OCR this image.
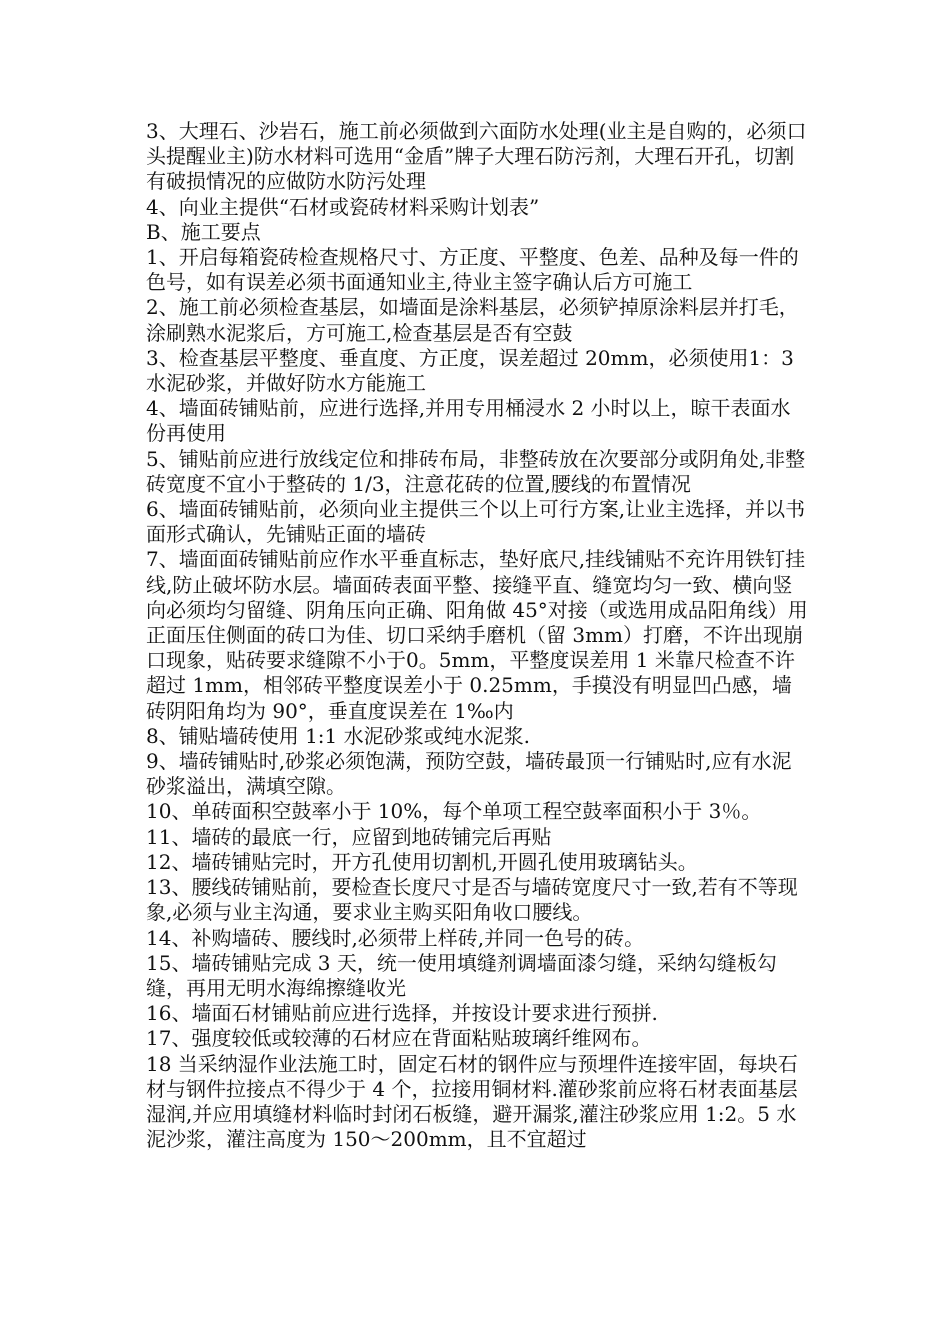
3、大理石、沙岩石，施工前必须做到六面防水处理(业主是自购的，必须口头提醒业主)防水材料可选用“金盾”牌子大理石防污剂，大理石开孔，切割有破损情况的应做防水防污处理

4、向业主提供“石材或瓷砖材料采购计划表”

B、施工要点

1、开启每箱瓷砖检查规格尺寸、方正度、平整度、色差、品种及每一件的色号，如有误差必须书面通知业主,待业主签字确认后方可施工

2、施工前必须检查基层，如墙面是涂料基层，必须铲掉原涂料层并打毛，涂刷熟水泥浆后，方可施工,检查基层是否有空鼓

3、检查基层平整度、垂直度、方正度，误差超过 20mm，必须使用1：3 水泥砂浆，并做好防水方能施工

4、墙面砖铺贴前，应进行选择,并用专用桶浸水 2 小时以上，晾干表面水份再使用

5、铺贴前应进行放线定位和排砖布局，非整砖放在次要部分或阴角处,非整砖宽度不宜小于整砖的 1/3，注意花砖的位置,腰线的布置情况

6、墙面砖铺贴前，必须向业主提供三个以上可行方案,让业主选择，并以书面形式确认，先铺贴正面的墙砖

7、墙面面砖铺贴前应作水平垂直标志，垫好底尺,挂线铺贴不充许用铁钉挂线,防止破坏防水层。墙面砖表面平整、接缝平直、缝宽均匀一致、横向竖向必须均匀留缝、阴角压向正确、阳角做 45°对接（或选用成品阳角线）用正面压住侧面的砖口为佳、切口采纳手磨机（留 3mm）打磨，不许出现崩口现象，贴砖要求缝隙不小于0。5mm，平整度误差用 1 米靠尺检查不许超过 1mm，相邻砖平整度误差小于 0.25mm，手摸没有明显凹凸感，墙砖阴阳角均为 90°，垂直度误差在 1‰内

8、铺贴墙砖使用 1:1 水泥砂浆或纯水泥浆.

9、墙砖铺贴时,砂浆必须饱满，预防空鼓，墙砖最顶一行铺贴时,应有水泥砂浆溢出，满填空隙。

10、单砖面积空鼓率小于 10%，每个单项工程空鼓率面积小于 3％。

11、墙砖的最底一行，应留到地砖铺完后再贴

12、墙砖铺贴完时，开方孔使用切割机,开圆孔使用玻璃钻头。

13、腰线砖铺贴前，要检查长度尺寸是否与墙砖宽度尺寸一致,若有不等现象,必须与业主沟通，要求业主购买阳角收口腰线。

14、补购墙砖、腰线时,必须带上样砖,并同一色号的砖。

15、墙砖铺贴完成 3 天，统一使用填缝剂调墙面漆匀缝，采纳勾缝板勾缝，再用无明水海绵擦缝收光

16、墙面石材铺贴前应进行选择，并按设计要求进行预拼.

17、强度较低或较薄的石材应在背面粘贴玻璃纤维网布。

18 当采纳湿作业法施工时，固定石材的钢件应与预埋件连接牢固，每块石材与钢件拉接点不得少于 4 个，拉接用铜材料.灌砂浆前应将石材表面基层湿润,并应用填缝材料临时封闭石板缝，避开漏浆,灌注砂浆应用 1:2。5 水泥沙浆，灌注高度为 150～200mm，且不宜超过
